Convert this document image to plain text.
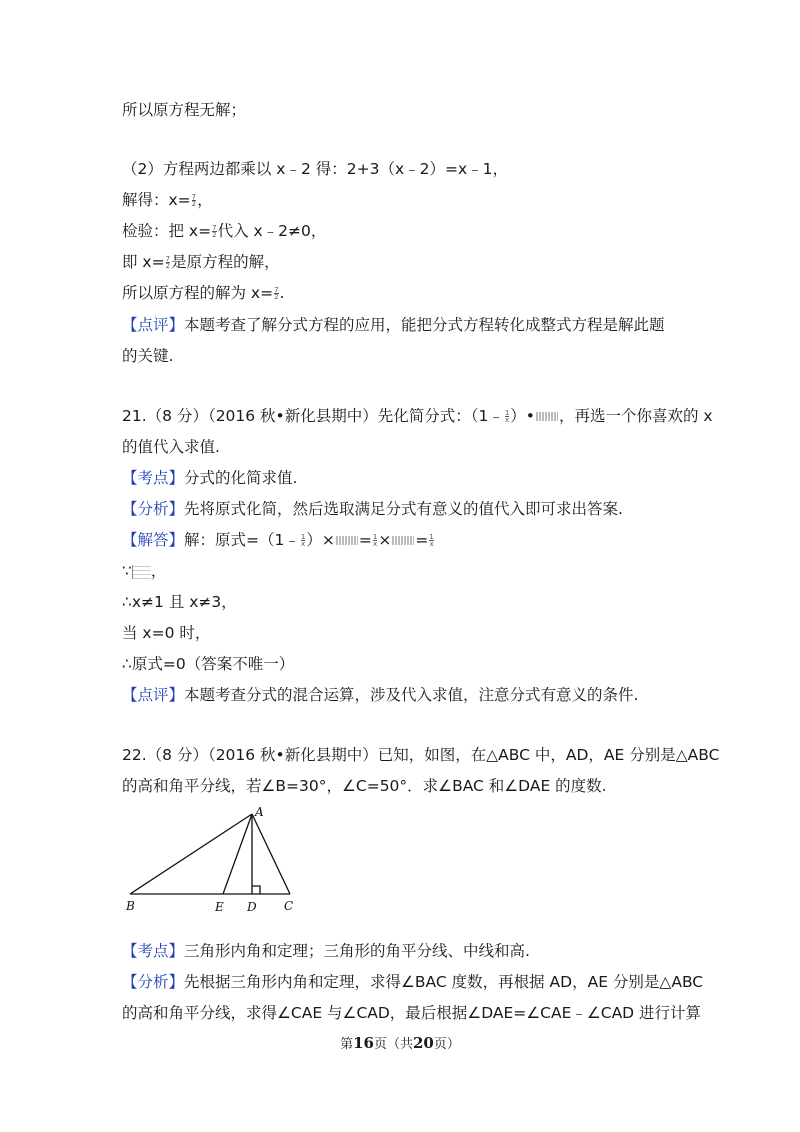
所以原方程无解；
（2）方程两边都乘以 x﹣2 得：2+3（x﹣2）=x﹣1，
解得：$x= \frac{7}{2}$ ，
检验：把 $x= \frac{7}{2}$ 代入 x﹣2≠0，
即 $x= \frac{7}{2}$ 是原方程的解，
所以原方程的解为 $x= \frac{7}{2}$ .
【点评】本题考查了解分式方程的应用，能把分式方程转化成整式方程是解此题
的关键.
21.（8 分）（2016 秋•新化县期中）先化简分式：（1﹣ $\frac{1}{x}$ ）• ，再选一个你喜欢的 x
的值代入求值.
【考点】分式的化简求值.
【分析】先将原式化简，然后选取满足分式有意义的值代入即可求出答案.
【解答】解：原式=（1﹣ $\frac{1}{x}$ ）× = $\frac{1}{x}$ × = $\frac{1}{x}$
∵ ，
∴x≠1 且 x≠3，
当 x=0 时，
∴原式=0（答案不唯一）
【点评】本题考查分式的混合运算，涉及代入求值，注意分式有意义的条件.
22.（8 分）（2016 秋•新化县期中）已知，如图，在△ABC 中，AD，AE 分别是△ABC
的高和角平分线，若∠B=30°，∠C=50°．求∠BAC 和∠DAE 的度数.
A
B	E D C
【考点】三角形内角和定理；三角形的角平分线、中线和高.
【分析】先根据三角形内角和定理，求得∠BAC 度数，再根据 AD，AE 分别是△ABC
的高和角平分线，求得∠CAE 与∠CAD，最后根据∠DAE=∠CAE﹣∠CAD 进行计算
第16页（共20页）
